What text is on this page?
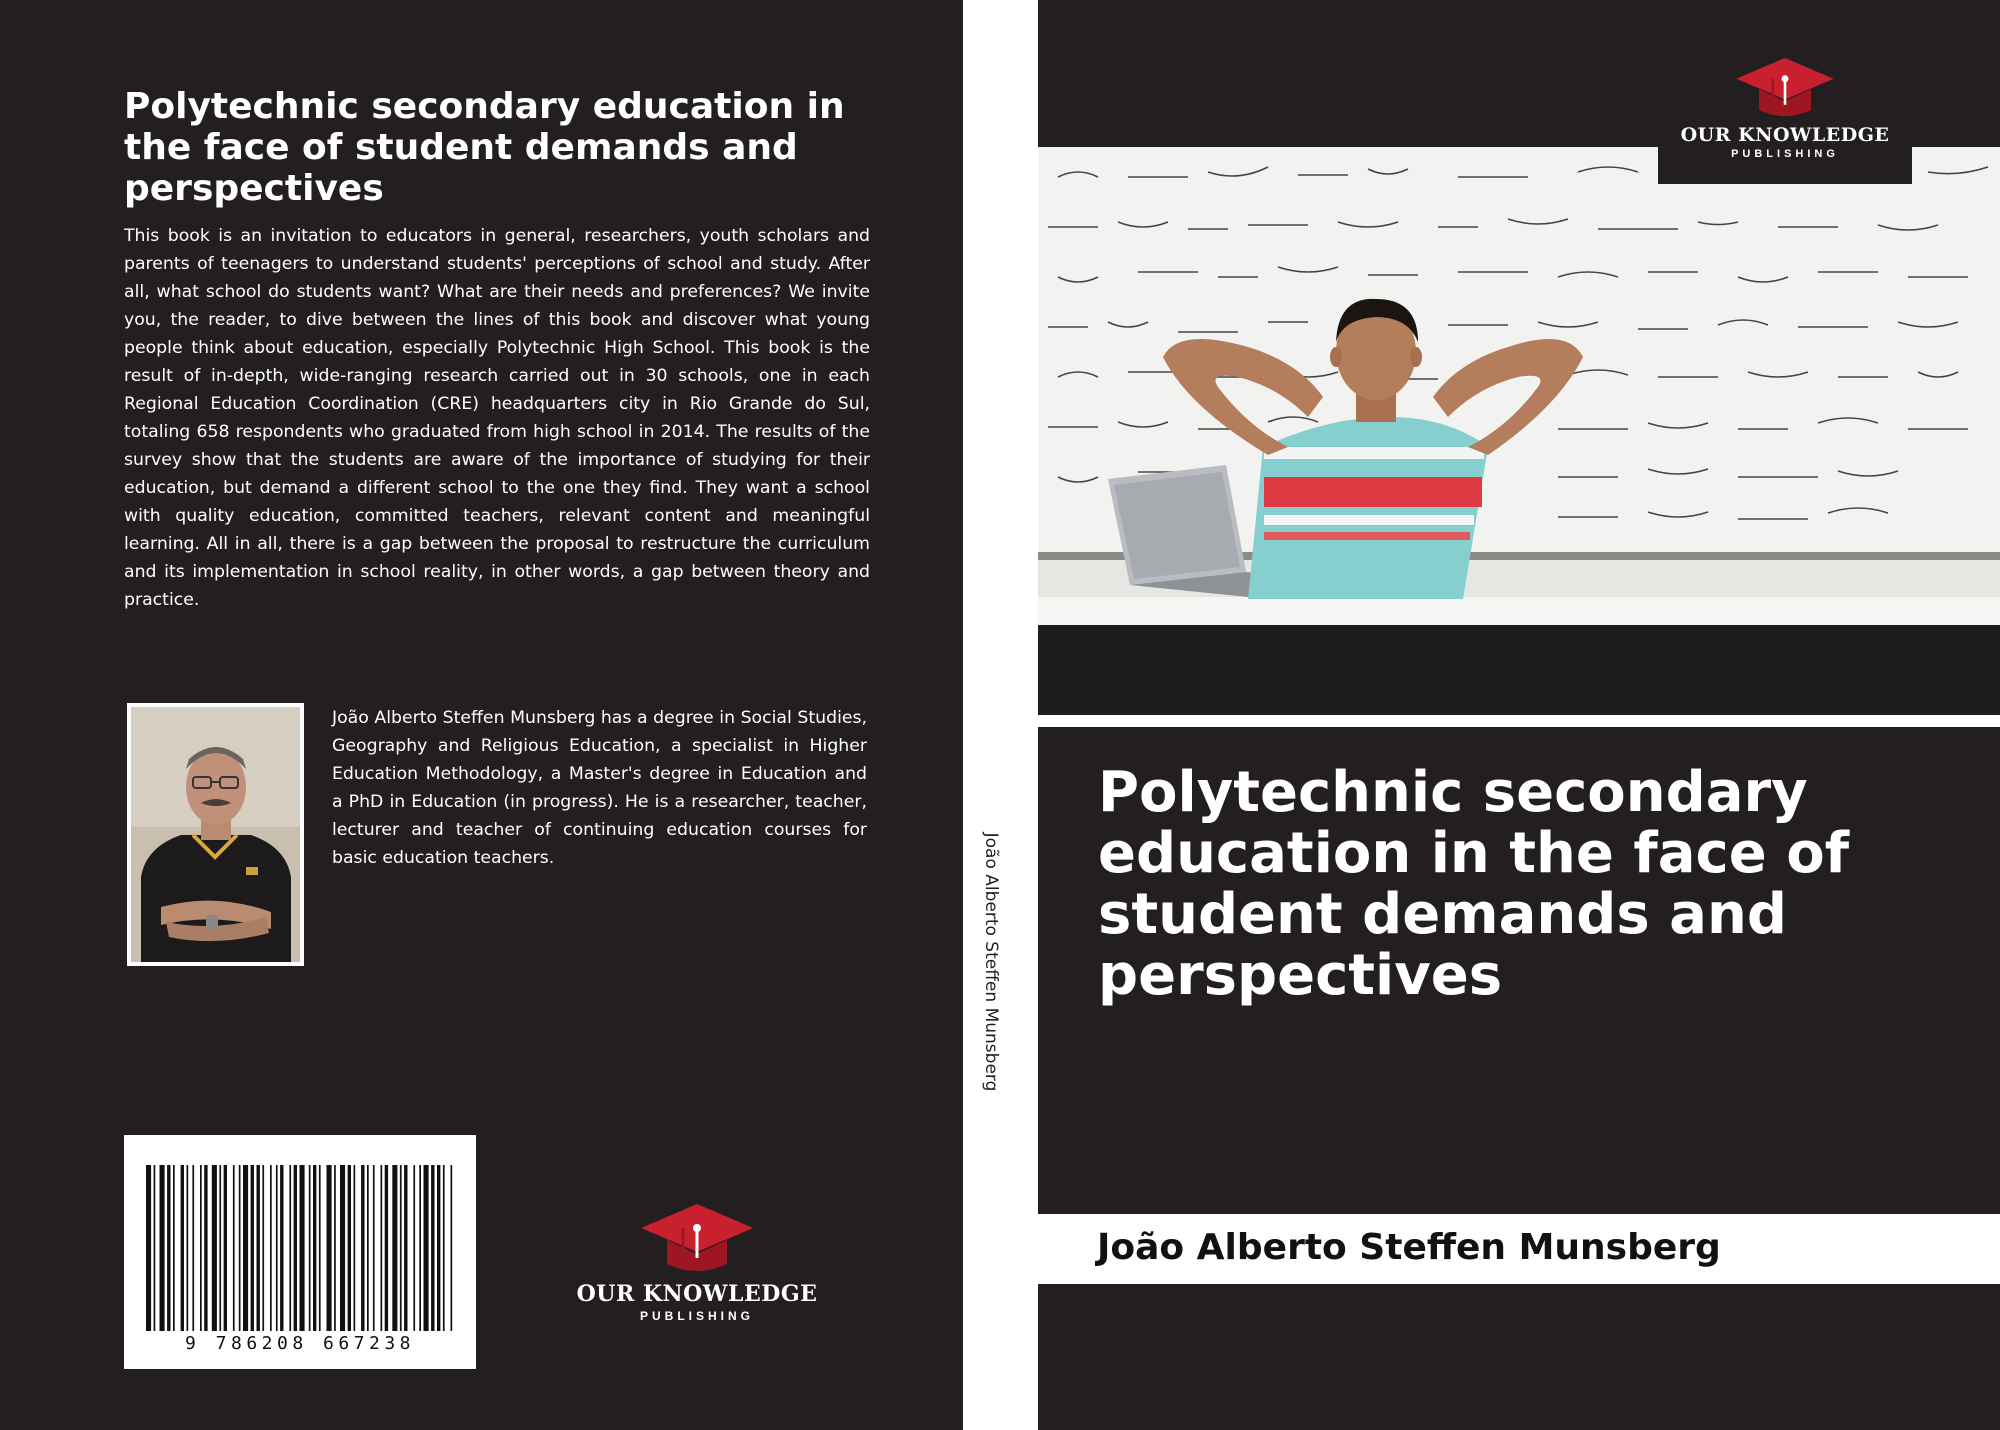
Polytechnic secondary education in the face of student demands and perspectives

This book is an invitation to educators in general, researchers, youth scholars and parents of teenagers to understand students' perceptions of school and study. After all, what school do students want? What are their needs and preferences? We invite you, the reader, to dive between the lines of this book and discover what young people think about education, especially Polytechnic High School. This book is the result of in-depth, wide-ranging research carried out in 30 schools, one in each Regional Education Coordination (CRE) headquarters city in Rio Grande do Sul, totaling 658 respondents who graduated from high school in 2014. The results of the survey show that the students are aware of the importance of studying for their education, but demand a different school to the one they find. They want a school with quality education, committed teachers, relevant content and meaningful learning. All in all, there is a gap between the proposal to restructure the curriculum and its implementation in school reality, in other words, a gap between theory and practice.

João Alberto Steffen Munsberg has a degree in Social Studies, Geography and Religious Education, a specialist in Higher Education Methodology, a Master's degree in Education and a PhD in Education (in progress). He is a researcher, teacher, lecturer and teacher of continuing education courses for basic education teachers.

9 786208 667238
OUR KNOWLEDGE
PUBLISHING
João Alberto Steffen Munsberg
OUR KNOWLEDGE
PUBLISHING
Polytechnic secondary education in the face of student demands and perspectives

João Alberto Steffen Munsberg
